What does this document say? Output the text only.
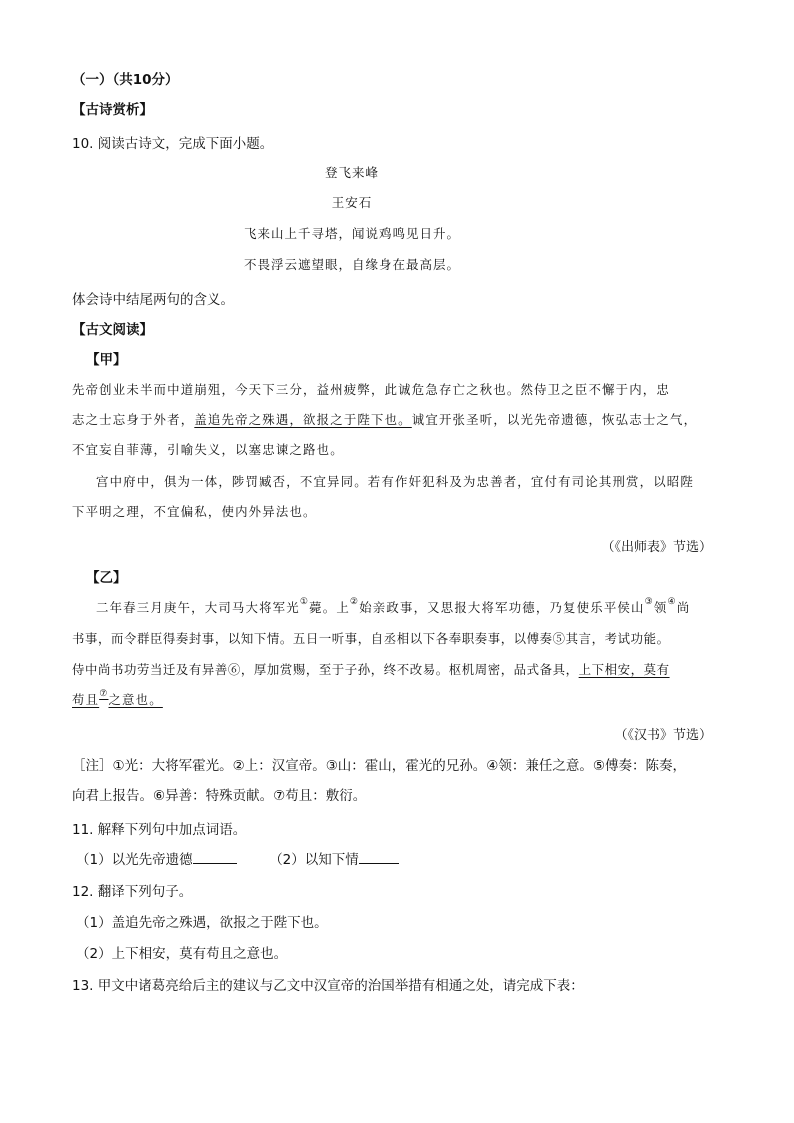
（一）（共10分）
【古诗赏析】
10. 阅读古诗文，完成下面小题。
登飞来峰
王安石
飞来山上千寻塔，闻说鸡鸣见日升。
不畏浮云遮望眼，自缘身在最高层。
体会诗中结尾两句的含义。
【古文阅读】
【甲】
先帝创业未半而中道崩殂，今天下三分，益州疲弊，此诚危急存亡之秋也。然侍卫之臣不懈于内，忠
志之士忘身于外者，盖追先帝之殊遇，欲报之于陛下也。诚宜开张圣听，以光先帝遗德，恢弘志士之气，
不宜妄自菲薄，引喻失义，以塞忠谏之路也。
宫中府中，俱为一体，陟罚臧否，不宜异同。若有作奸犯科及为忠善者，宜付有司论其刑赏，以昭陛
下平明之理，不宜偏私，使内外异法也。
（《出师表》节选）
【乙】
二年春三月庚午，大司马大将军光①薨。上②始亲政事，又思报大将军功德，乃复使乐平侯山③领④尚
书事，而令群臣得奏封事，以知下情。五日一听事，自丞相以下各奉职奏事，以傅奏⑤其言，考试功能。
侍中尚书功劳当迁及有异善⑥，厚加赏赐，至于子孙，终不改易。枢机周密，品式备具，上下相安，莫有
苟且⑦之意也。
（《汉书》节选）
［注］①光：大将军霍光。②上：汉宣帝。③山：霍山，霍光的兄孙。④领：兼任之意。⑤傅奏：陈奏，
向君上报告。⑥异善：特殊贡献。⑦苟且：敷衍。
11. 解释下列句中加点词语。
（1）以光先帝遗德	（2）以知下情
12. 翻译下列句子。
（1）盖追先帝之殊遇，欲报之于陛下也。
（2）上下相安，莫有苟且之意也。
13. 甲文中诸葛亮给后主的建议与乙文中汉宣帝的治国举措有相通之处，请完成下表：
